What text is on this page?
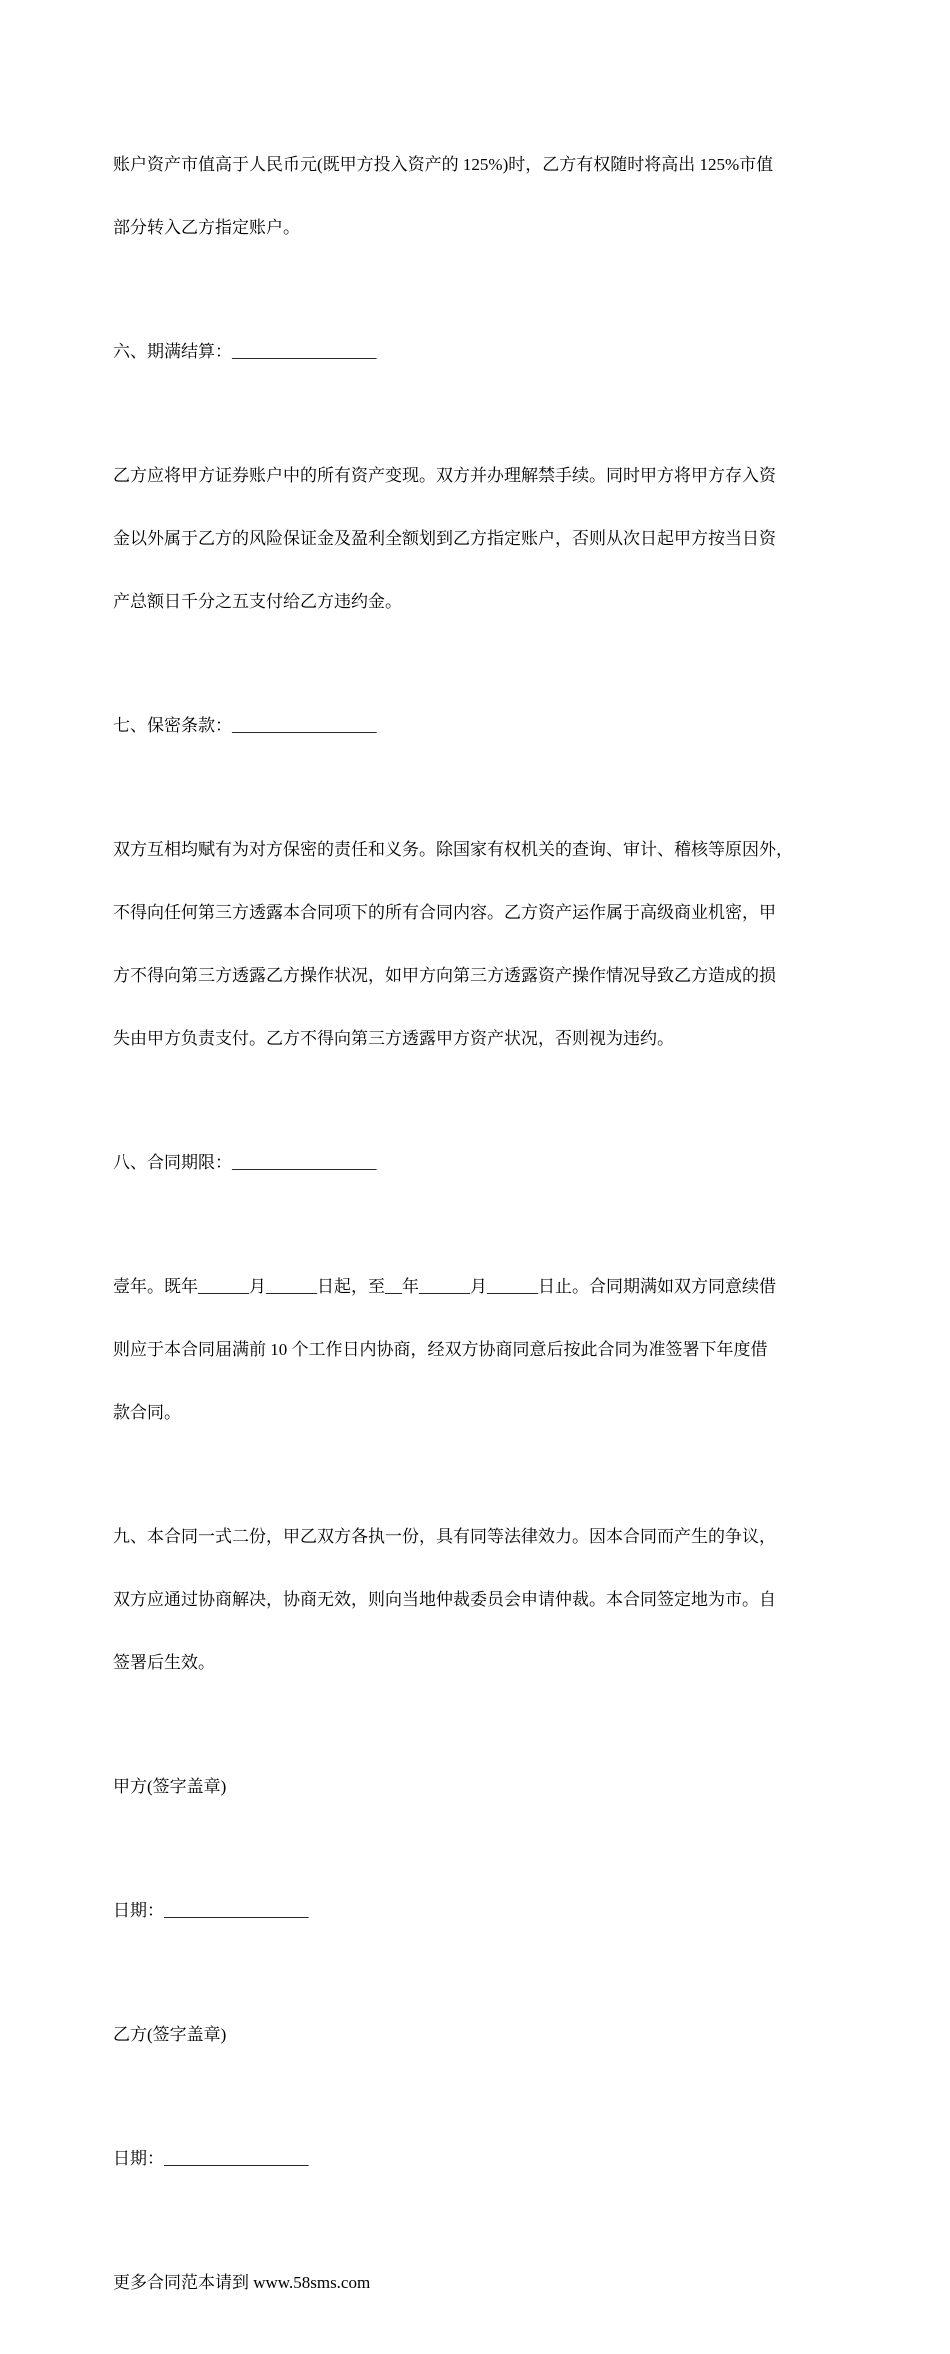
账户资产市值高于人民币元(既甲方投入资产的 125%)时，乙方有权随时将高出 125%市值

部分转入乙方指定账户。

六、期满结算：_________________

乙方应将甲方证券账户中的所有资产变现。双方并办理解禁手续。同时甲方将甲方存入资

金以外属于乙方的风险保证金及盈利全额划到乙方指定账户，否则从次日起甲方按当日资

产总额日千分之五支付给乙方违约金。

七、保密条款：_________________

双方互相均赋有为对方保密的责任和义务。除国家有权机关的查询、审计、稽核等原因外，

不得向任何第三方透露本合同项下的所有合同内容。乙方资产运作属于高级商业机密，甲

方不得向第三方透露乙方操作状况，如甲方向第三方透露资产操作情况导致乙方造成的损

失由甲方负责支付。乙方不得向第三方透露甲方资产状况，否则视为违约。

八、合同期限：_________________

壹年。既年______月______日起，至__年______月______日止。合同期满如双方同意续借

则应于本合同届满前 10 个工作日内协商，经双方协商同意后按此合同为准签署下年度借

款合同。

九、本合同一式二份，甲乙双方各执一份，具有同等法律效力。因本合同而产生的争议，

双方应通过协商解决，协商无效，则向当地仲裁委员会申请仲裁。本合同签定地为市。自

签署后生效。

甲方(签字盖章)

日期：_________________

乙方(签字盖章)

日期：_________________

更多合同范本请到 www.58sms.com
